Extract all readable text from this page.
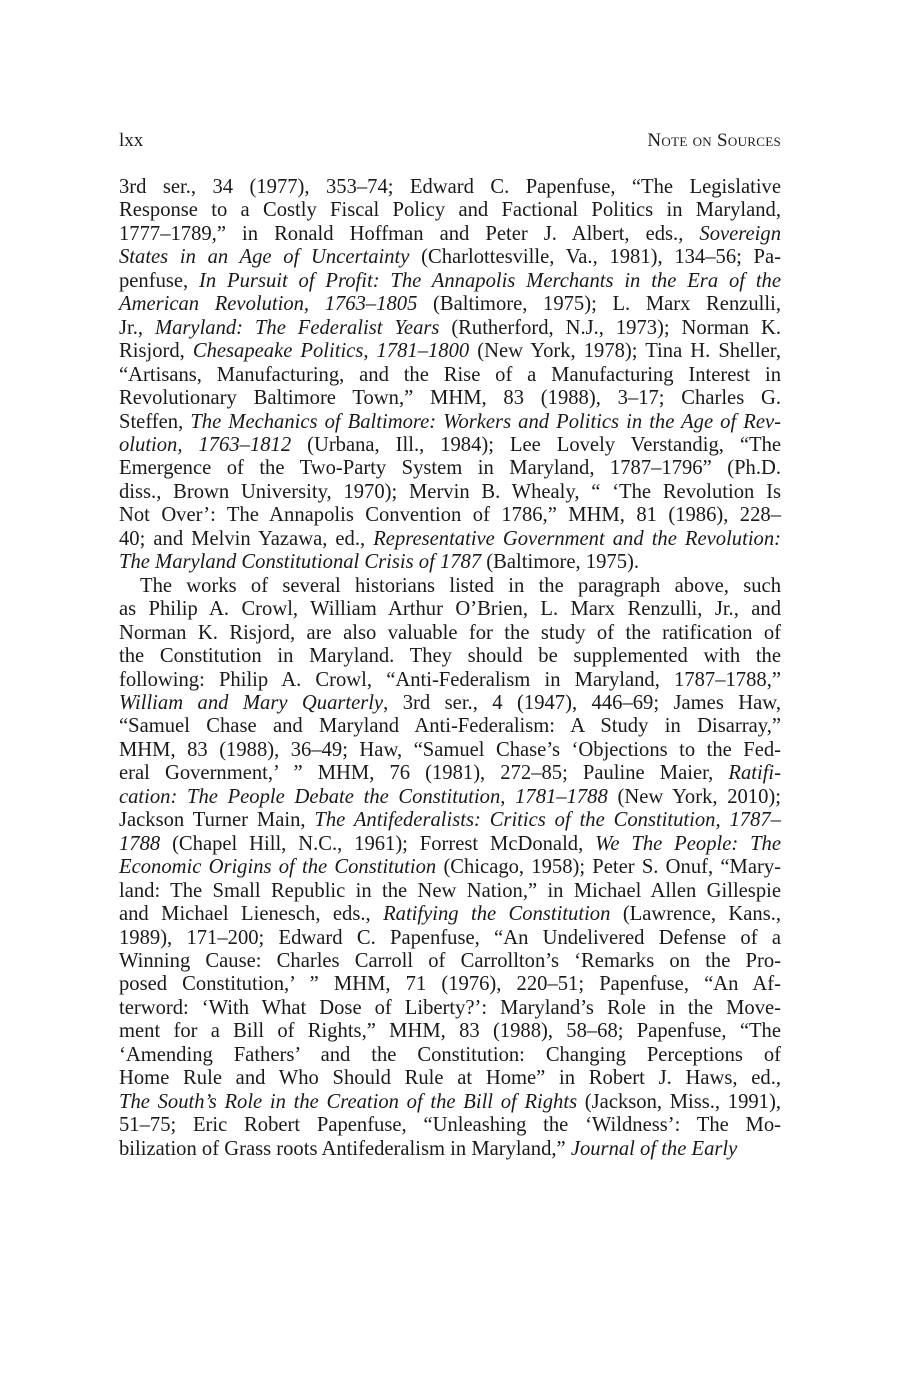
lxx	Note on Sources

3rd ser., 34 (1977), 353–74; Edward C. Papenfuse, “The Legislative
Response to a Costly Fiscal Policy and Factional Politics in Maryland,
1777–1789,” in Ronald Hoffman and Peter J. Albert, eds., Sovereign
States in an Age of Uncertainty (Charlottesville, Va., 1981), 134–56; Pa-
penfuse, In Pursuit of Profit: The Annapolis Merchants in the Era of the
American Revolution, 1763–1805 (Baltimore, 1975); L. Marx Renzulli,
Jr., Maryland: The Federalist Years (Rutherford, N.J., 1973); Norman K.
Risjord, Chesapeake Politics, 1781–1800 (New York, 1978); Tina H. Sheller,
“Artisans, Manufacturing, and the Rise of a Manufacturing Interest in
Revolutionary Baltimore Town,” MHM, 83 (1988), 3–17; Charles G.
Steffen, The Mechanics of Baltimore: Workers and Politics in the Age of Rev-
olution, 1763–1812 (Urbana, Ill., 1984); Lee Lovely Verstandig, “The
Emergence of the Two-Party System in Maryland, 1787–1796” (Ph.D.
diss., Brown University, 1970); Mervin B. Whealy, “ ‘The Revolution Is
Not Over’: The Annapolis Convention of 1786,” MHM, 81 (1986), 228–
40; and Melvin Yazawa, ed., Representative Government and the Revolution:
The Maryland Constitutional Crisis of 1787 (Baltimore, 1975).

The works of several historians listed in the paragraph above, such
as Philip A. Crowl, William Arthur O’Brien, L. Marx Renzulli, Jr., and
Norman K. Risjord, are also valuable for the study of the ratification of
the Constitution in Maryland. They should be supplemented with the
following: Philip A. Crowl, “Anti-Federalism in Maryland, 1787–1788,”
William and Mary Quarterly, 3rd ser., 4 (1947), 446–69; James Haw,
“Samuel Chase and Maryland Anti-Federalism: A Study in Disarray,”
MHM, 83 (1988), 36–49; Haw, “Samuel Chase’s ‘Objections to the Fed-
eral Government,’ ” MHM, 76 (1981), 272–85; Pauline Maier, Ratifi-
cation: The People Debate the Constitution, 1781–1788 (New York, 2010);
Jackson Turner Main, The Antifederalists: Critics of the Constitution, 1787–
1788 (Chapel Hill, N.C., 1961); Forrest McDonald, We The People: The
Economic Origins of the Constitution (Chicago, 1958); Peter S. Onuf, “Mary-
land: The Small Republic in the New Nation,” in Michael Allen Gillespie
and Michael Lienesch, eds., Ratifying the Constitution (Lawrence, Kans.,
1989), 171–200; Edward C. Papenfuse, “An Undelivered Defense of a
Winning Cause: Charles Carroll of Carrollton’s ‘Remarks on the Pro-
posed Constitution,’ ” MHM, 71 (1976), 220–51; Papenfuse, “An Af-
terword: ‘With What Dose of Liberty?’: Maryland’s Role in the Move-
ment for a Bill of Rights,” MHM, 83 (1988), 58–68; Papenfuse, “The
‘Amending Fathers’ and the Constitution: Changing Perceptions of
Home Rule and Who Should Rule at Home” in Robert J. Haws, ed.,
The South’s Role in the Creation of the Bill of Rights (Jackson, Miss., 1991),
51–75; Eric Robert Papenfuse, “Unleashing the ‘Wildness’: The Mo-
bilization of Grass roots Antifederalism in Maryland,” Journal of the Early
